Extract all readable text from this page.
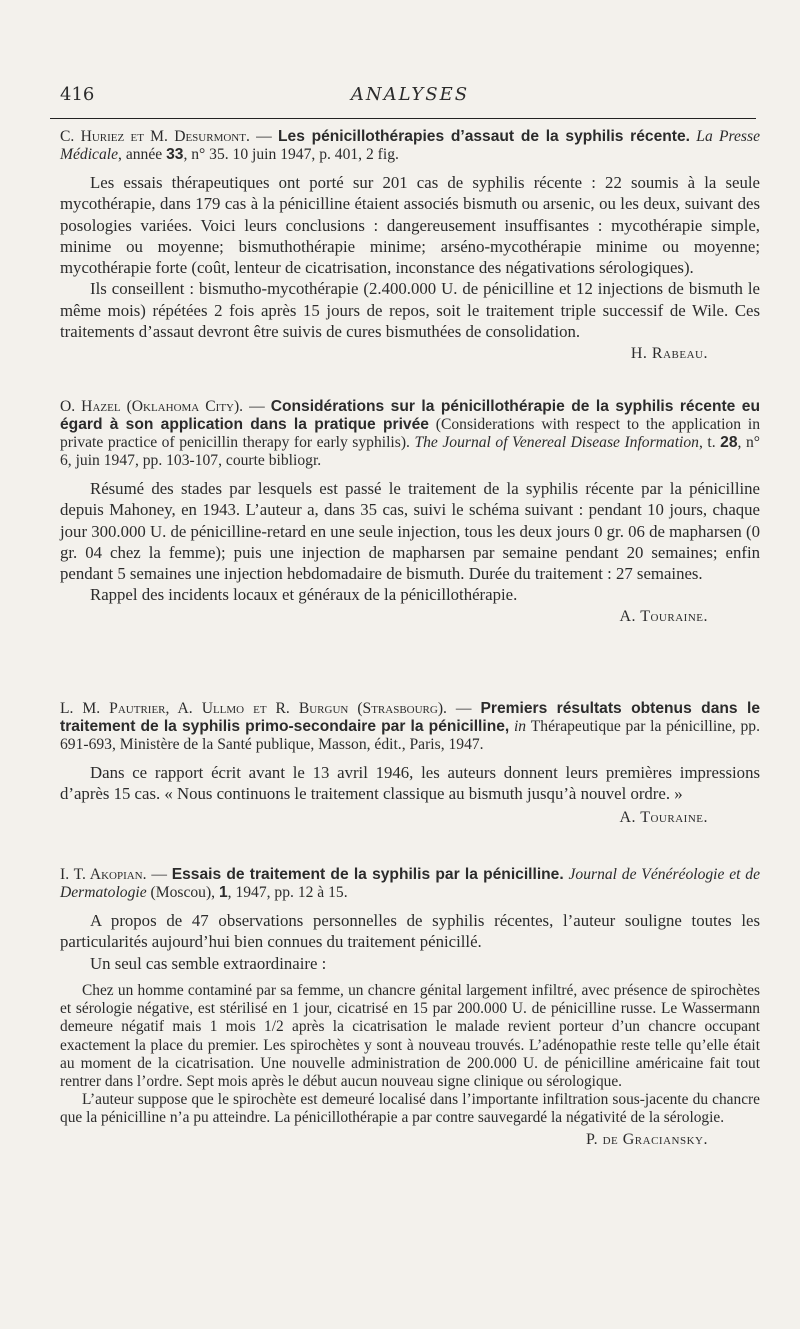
416	ANALYSES

C. Huriez et M. Desurmont. — Les pénicillothérapies d’assaut de la syphilis récente. La Presse Médicale, année 33, n° 35. 10 juin 1947, p. 401, 2 fig.

Les essais thérapeutiques ont porté sur 201 cas de syphilis récente : 22 soumis à la seule mycothérapie, dans 179 cas à la pénicilline étaient associés bismuth ou arsenic, ou les deux, suivant des posologies variées. Voici leurs conclusions : dangereusement insuffisantes : mycothérapie simple, minime ou moyenne; bismuthothérapie minime; arséno-mycothérapie minime ou moyenne; mycothérapie forte (coût, lenteur de cicatrisation, inconstance des négativations sérologiques).

Ils conseillent : bismutho-mycothérapie (2.400.000 U. de pénicilline et 12 injections de bismuth le même mois) répétées 2 fois après 15 jours de repos, soit le traitement triple successif de Wile. Ces traitements d’assaut devront être suivis de cures bismuthées de consolidation.

H. Rabeau.

O. Hazel (Oklahoma City). — Considérations sur la pénicillothérapie de la syphilis récente eu égard à son application dans la pratique privée (Considerations with respect to the application in private practice of penicillin therapy for early syphilis). The Journal of Venereal Disease Information, t. 28, n° 6, juin 1947, pp. 103-107, courte bibliogr.

Résumé des stades par lesquels est passé le traitement de la syphilis récente par la pénicilline depuis Mahoney, en 1943. L’auteur a, dans 35 cas, suivi le schéma suivant : pendant 10 jours, chaque jour 300.000 U. de pénicilline-retard en une seule injection, tous les deux jours 0 gr. 06 de mapharsen (0 gr. 04 chez la femme); puis une injection de mapharsen par semaine pendant 20 semaines; enfin pendant 5 semaines une injection hebdomadaire de bismuth. Durée du traitement : 27 semaines.

Rappel des incidents locaux et généraux de la pénicillothérapie.

A. Touraine.

L. M. Pautrier, A. Ullmo et R. Burgun (Strasbourg). — Premiers résultats obtenus dans le traitement de la syphilis primo-secondaire par la pénicilline, in Thérapeutique par la pénicilline, pp. 691-693, Ministère de la Santé publique, Masson, édit., Paris, 1947.

Dans ce rapport écrit avant le 13 avril 1946, les auteurs donnent leurs premières impressions d’après 15 cas. « Nous continuons le traitement classique au bismuth jusqu’à nouvel ordre. »

A. Touraine.

I. T. Akopian. — Essais de traitement de la syphilis par la pénicilline. Journal de Vénéréologie et de Dermatologie (Moscou), 1, 1947, pp. 12 à 15.

A propos de 47 observations personnelles de syphilis récentes, l’auteur souligne toutes les particularités aujourd’hui bien connues du traitement pénicillé.

Un seul cas semble extraordinaire :

Chez un homme contaminé par sa femme, un chancre génital largement infiltré, avec présence de spirochètes et sérologie négative, est stérilisé en 1 jour, cicatrisé en 15 par 200.000 U. de pénicilline russe. Le Wassermann demeure négatif mais 1 mois 1/2 après la cicatrisation le malade revient porteur d’un chancre occupant exactement la place du premier. Les spirochètes y sont à nouveau trouvés. L’adénopathie reste telle qu’elle était au moment de la cicatrisation. Une nouvelle administration de 200.000 U. de pénicilline américaine fait tout rentrer dans l’ordre. Sept mois après le début aucun nouveau signe clinique ou sérologique.

L’auteur suppose que le spirochète est demeuré localisé dans l’importante infiltration sous-jacente du chancre que la pénicilline n’a pu atteindre. La pénicillothérapie a par contre sauvegardé la négativité de la sérologie.

P. de Graciansky.
